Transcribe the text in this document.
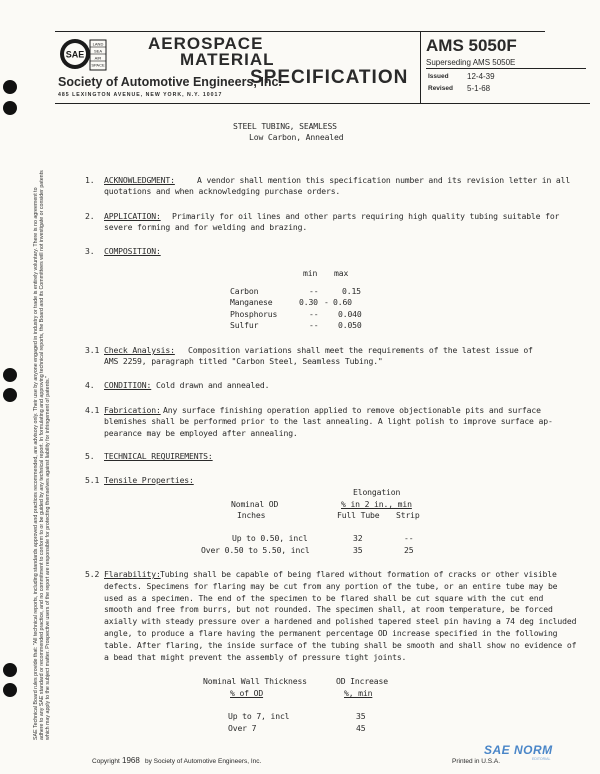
SAE
LAND
SEA
AIR
SPACE
AEROSPACE
MATERIAL
SPECIFICATION
Society of Automotive Engineers, Inc.
485 LEXINGTON AVENUE, NEW YORK, N.Y. 10017
AMS 5050F
Superseding AMS 5050E
Issued 12-4-39
Revised 5-1-68
STEEL TUBING, SEAMLESS
Low Carbon, Annealed
1. ACKNOWLEDGMENT:	A vendor shall mention this specification number and its revision letter in all
quotations and when acknowledging purchase orders.
2. APPLICATION: Primarily for oil lines and other parts requiring high quality tubing suitable for
severe forming and for welding and brazing.
3. COMPOSITION:
min max
Carbon	--	0.15
Manganese	0.30 - 0.60
Phosphorus	-- 0.040
Sulfur	-- 0.050
3.1 Check Analysis: Composition variations shall meet the requirements of the latest issue of
AMS 2259, paragraph titled "Carbon Steel, Seamless Tubing."
4. CONDITION: Cold drawn and annealed.
4.1 Fabrication: Any surface finishing operation applied to remove objectionable pits and surface
blemishes shall be performed prior to the last annealing. A light polish to improve surface ap-
pearance may be employed after annealing.
5. TECHNICAL REQUIREMENTS:
5.1 Tensile Properties:
Elongation
Nominal OD	% in 2 in., min
Inches	Full Tube Strip
Up to 0.50, incl	32	--
Over 0.50 to 5.50, incl	35	25
5.2 Flarability: Tubing shall be capable of being flared without formation of cracks or other visible
defects. Specimens for flaring may be cut from any portion of the tube, or an entire tube may be
used as a specimen. The end of the specimen to be flared shall be cut square with the cut end
smooth and free from burrs, but not rounded. The specimen shall, at room temperature, be forced
axially with steady pressure over a hardened and polished tapered steel pin having a 74 deg included
angle, to produce a flare having the permanent percentage OD increase specified in the following
table. After flaring, the inside surface of the tubing shall be smooth and shall show no evidence of
a bead that might prevent the assembly of pressure tight joints.
Nominal Wall Thickness	OD Increase
% of OD	%, min
Up to 7, incl	35
Over 7	45
Copyright 1968 by Society of Automotive Engineers, Inc.	Printed in U.S.A.
SAE NORM
EDITORIAL
SAE Technical Board rules provide that: "All technical reports, including standards approved and practices recommended, are advisory only. Their use by anyone engaged in industry or trade is entirely voluntary. There is no agreement to adhere to any SAE standard or recommended practice, and no commitment to conform to or be guided by any technical report. In formulating and approving technical reports, the Board and its Committees will not investigate or consider patents which may apply to the subject matter. Prospective users of the report are responsible for protecting themselves against liability for infringement of patents."
